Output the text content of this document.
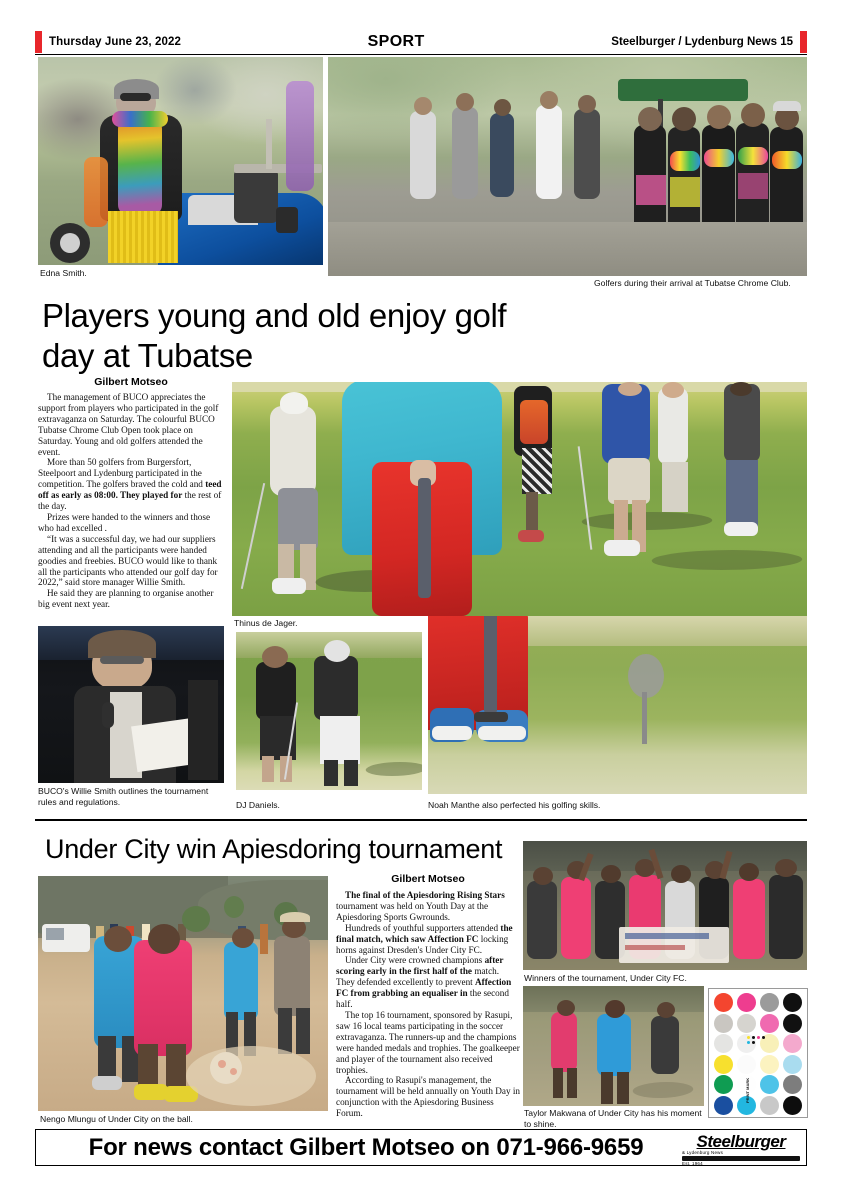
Thursday June 23, 2022	SPORT	Steelburger / Lydenburg News 15
Edna Smith.
Golfers during their arrival at Tubatse Chrome Club.
Players young and old enjoy golf day at Tubatse
Gilbert Motseo

The management of BUCO appreciates the support from players who participated in the golf extravaganza on Saturday. The colourful BUCO Tubatse Chrome Club Open took place on Saturday. Young and old golfers attended the event.

More than 50 golfers from Burgersfort, Steelpoort and Lydenburg participated in the competition. The golfers braved the cold and teed off as early as 08:00. They played for the rest of the day.

Prizes were handed to the winners and those who had excelled .

“It was a successful day, we had our suppliers attending and all the participants were handed goodies and freebies. BUCO would like to thank all the participants who attended our golf day for 2022,” said store manager Willie Smith.

He said they are planning to organise another big event next year.

Thinus de Jager.
Noah Manthe also perfected his golfing skills.
BUCO's Willie Smith outlines the tournament rules and regulations.	DJ Daniels.
Under City win Apiesdoring tournament
Gilbert Motseo

The final of the Apiesdoring Rising Stars tournament was held on Youth Day at the Apiesdoring Sports Gwrounds.

Hundreds of youthful supporters attended the final match, which saw Affection FC locking horns against Dresden's Under City FC.

Under City were crowned champions after scoring early in the first half of the match. They defended excellently to prevent Affection FC from grabbing an equaliser in the second half.

The top 16 tournament, sponsored by Rasupi, saw 16 local teams participating in the soccer extravaganza. The runners-up and the champions were handed medals and trophies. The goalkeeper and player of the tournament also received trophies.

According to Rasupi's management, the tournament will be held annually on Youth Day in conjunction with the Apiesdoring Business Forum.

Nengo Mlungu of Under City on the ball.
Winners of the tournament, Under City FC.
Taylor Makwana of Under City has his moment to shine.
PRINT MARK
For news contact Gilbert Motseo on 071-966-9659	Steelburger
& Lydenburg News
Est. 1964
